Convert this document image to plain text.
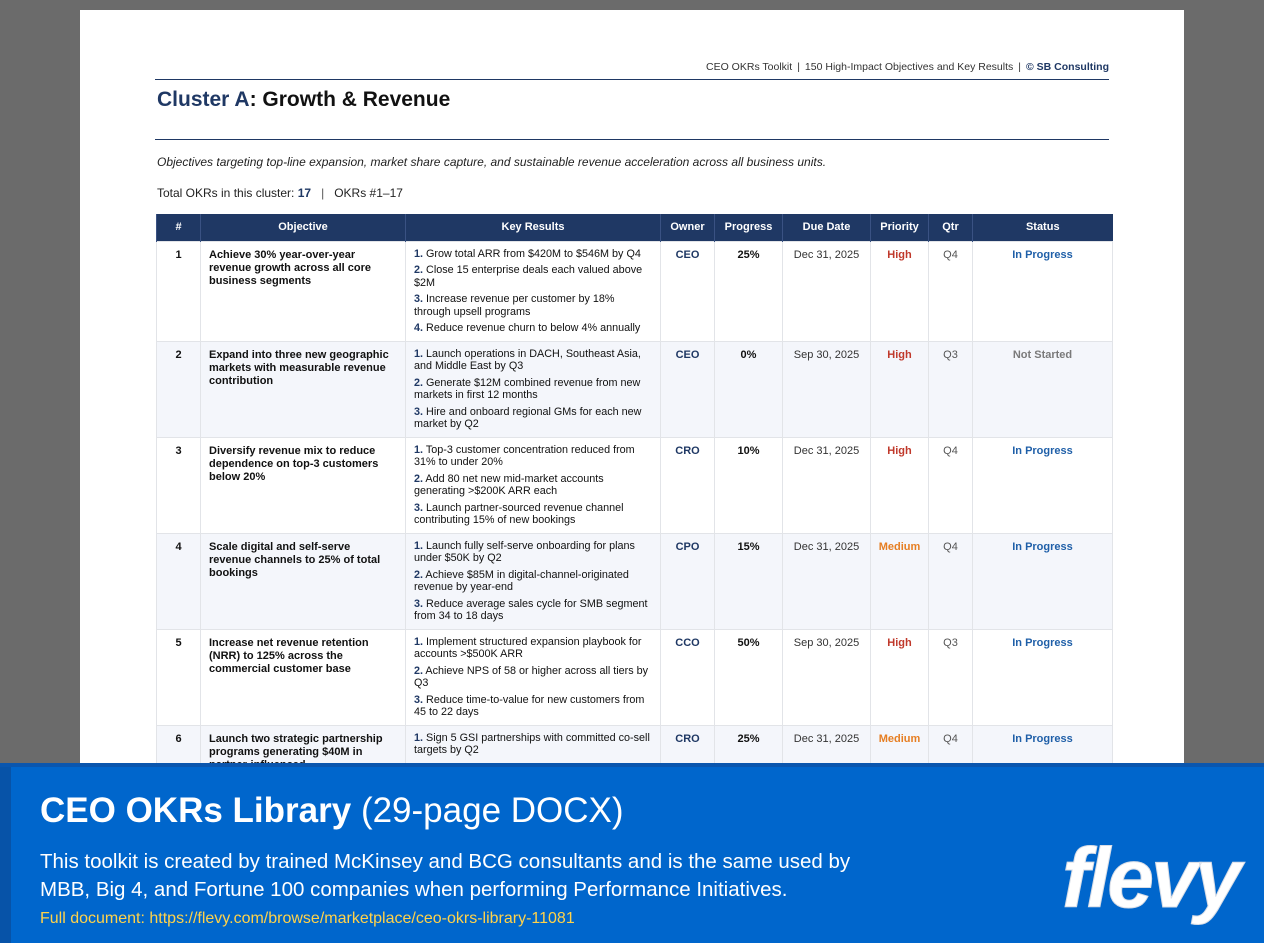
CEO OKRs Toolkit | 150 High-Impact Objectives and Key Results | © SB Consulting
Cluster A: Growth & Revenue
Objectives targeting top-line expansion, market share capture, and sustainable revenue acceleration across all business units.
Total OKRs in this cluster: 17 | OKRs #1–17
#	Objective	Key Results	Owner	Progress	Due Date	Priority	Qtr	Status
1	Achieve 30% year-over-year revenue growth across all core business segments	1. Grow total ARR from $420M to $546M by Q4
2. Close 15 enterprise deals each valued above $2M
3. Increase revenue per customer by 18% through upsell programs
4. Reduce revenue churn to below 4% annually	CEO	25%	Dec 31, 2025	High	Q4	In Progress
2	Expand into three new geographic markets with measurable revenue contribution	1. Launch operations in DACH, Southeast Asia, and Middle East by Q3
2. Generate $12M combined revenue from new markets in first 12 months
3. Hire and onboard regional GMs for each new market by Q2	CEO	0%	Sep 30, 2025	High	Q3	Not Started
3	Diversify revenue mix to reduce dependence on top-3 customers below 20%	1. Top-3 customer concentration reduced from 31% to under 20%
2. Add 80 net new mid-market accounts generating >$200K ARR each
3. Launch partner-sourced revenue channel contributing 15% of new bookings	CRO	10%	Dec 31, 2025	High	Q4	In Progress
4	Scale digital and self-serve revenue channels to 25% of total bookings	1. Launch fully self-serve onboarding for plans under $50K by Q2
2. Achieve $85M in digital-channel-originated revenue by year-end
3. Reduce average sales cycle for SMB segment from 34 to 18 days	CPO	15%	Dec 31, 2025	Medium	Q4	In Progress
5	Increase net revenue retention (NRR) to 125% across the commercial customer base	1. Implement structured expansion playbook for accounts >$500K ARR
2. Achieve NPS of 58 or higher across all tiers by Q3
3. Reduce time-to-value for new customers from 45 to 22 days	CCO	50%	Sep 30, 2025	High	Q3	In Progress
6	Launch two strategic partnership programs generating $40M in	1. Sign 5 GSI partnerships with committed co-sell targets by Q2	CRO	25%	Dec 31, 2025	Medium	Q4	In Progress
CEO OKRs Library (29-page DOCX)
This toolkit is created by trained McKinsey and BCG consultants and is the same used by MBB, Big 4, and Fortune 100 companies when performing Performance Initiatives.
Full document: https://flevy.com/browse/marketplace/ceo-okrs-library-11081	flevy
